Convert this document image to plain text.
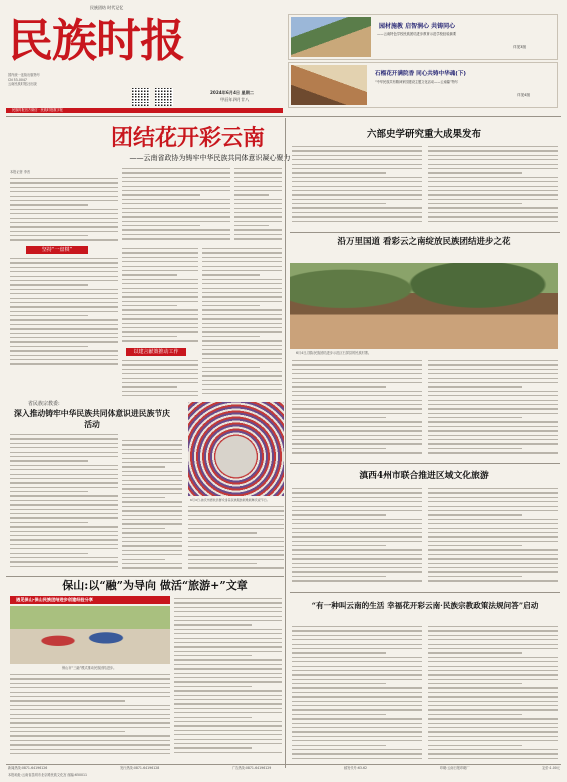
民族团结 时代记忆
民族时报
国内统一连续出版物号
CN 53-0047
云南民族时报社出版
2024年6月4日 星期二
甲辰年四月廿八
民族时报官方微信 · 民族时报数字报
园材施教 启智润心 共铸同心
——云南特色学校民族团结进步教育示范学校经验摘要
详见3版
石榴花开满院香 同心共铸中华魂(下)
“中华民族共有精神家园建设主题文化活动——云南篇”特写
详见4版
团结花开彩云南
——云南省政协为铸牢中华民族共同体意识凝心聚力
本报记者 李晋
坚持“一盘棋”
以建言献策推动工作
六部史学研究重大成果发布
沿万里国道 看彩云之南绽放民族团结进步之花
6月4日,国际民族团结进步示范区石屏县的民族村寨。
省民族宗教委:
深入推动铸牢中华民族共同体意识进民族节庆活动
6月4日,迪庆州德钦县群众身着民族服装载歌载舞庆祝节日。
滇西4州市联合推进区域文化旅游
“有一种叫云南的生活 幸福花开彩云南·民族宗教政策法规问答”启动
保山:以“融”为导向 做活“旅游+”文章
遇见保山·保山民族团结进步创建经验分享
保山市“三融”模式推动民族团结进步。
新闻热线:0871-64196126	发行热线:0871-64196128	广告热线:0871-64196129	邮发代号:63-62	印刷:云南日报印刷厂	定价:1.00元
本报地址:云南省昆明市北京路民族文化宫 邮编:650011
